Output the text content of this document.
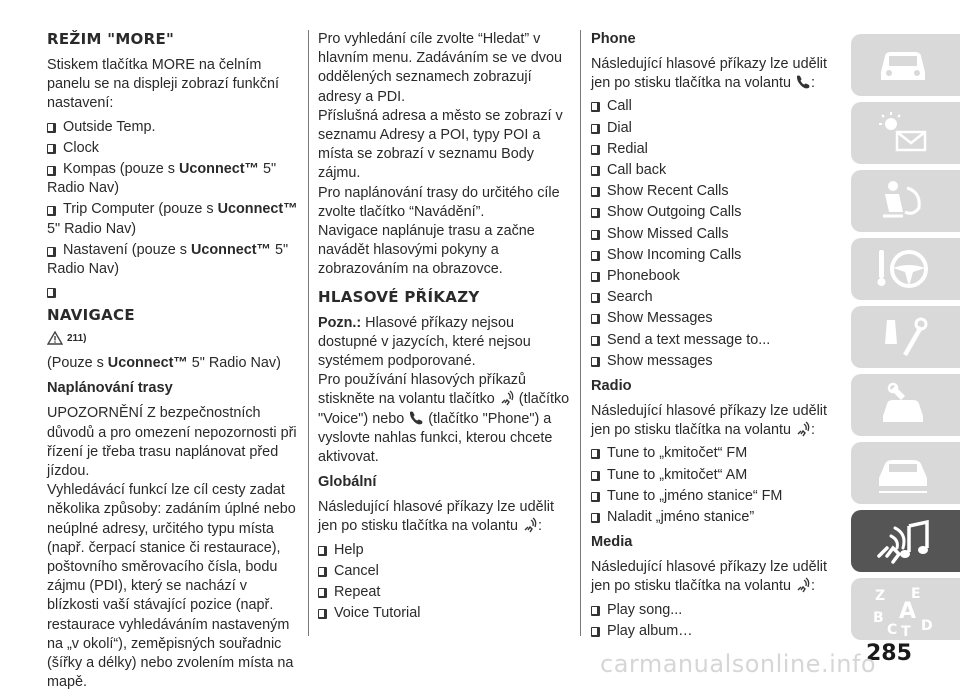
REŽIM "MORE"

Stiskem tlačítka MORE na čelním panelu se na displeji zobrazí funkční nastavení:

Outside Temp.
Clock
Kompas (pouze s Uconnect™ 5" Radio Nav)
Trip Computer (pouze s Uconnect™ 5" Radio Nav)
Nastavení (pouze s Uconnect™ 5" Radio Nav)
NAVIGACE
211)

(Pouze s Uconnect™ 5" Radio Nav)

Naplánování trasy

UPOZORNĚNÍ Z bezpečnostních důvodů a pro omezení nepozornosti při řízení je třeba trasu naplánovat před jízdou.

Vyhledávácí funkcí lze cíl cesty zadat několika způsoby: zadáním úplné nebo neúplné adresy, určitého typu místa (např. čerpací stanice či restaurace), poštovního směrovacího čísla, bodu zájmu (PDI), který se nachází v blízkosti vaší stávající pozice (např. restaurace vyhledáváním nastaveným na „v okolí“), zeměpisných souřadnic (šířky a délky) nebo zvolením místa na mapě.

Pro vyhledání cíle zvolte “Hledat” v hlavním menu. Zadáváním se ve dvou oddělených seznamech zobrazují adresy a PDI.

Příslušná adresa a město se zobrazí v seznamu Adresy a POI, typy POI a místa se zobrazí v seznamu Body zájmu.

Pro naplánování trasy do určitého cíle zvolte tlačítko “Navádění”.

Navigace naplánuje trasu a začne navádět hlasovými pokyny a zobrazováním na obrazovce.

HLASOVÉ PŘÍKAZY

Pozn.: Hlasové příkazy nejsou dostupné v jazycích, které nejsou systémem podporované.

Pro používání hlasových příkazů stiskněte na volantu tlačítko (tlačítko "Voice") nebo (tlačítko "Phone") a vyslovte nahlas funkci, kterou chcete aktivovat.

Globální

Následující hlasové příkazy lze udělit jen po stisku tlačítka na volantu :

Help
Cancel
Repeat
Voice Tutorial
Phone

Následující hlasové příkazy lze udělit jen po stisku tlačítka na volantu :

Call
Dial
Redial
Call back
Show Recent Calls
Show Outgoing Calls
Show Missed Calls
Show Incoming Calls
Phonebook
Search
Show Messages
Send a text message to...
Show messages
Radio

Následující hlasové příkazy lze udělit jen po stisku tlačítka na volantu :

Tune to „kmitočet“ FM
Tune to „kmitočet“ AM
Tune to „jméno stanice“ FM
Naladit „jméno stanice”
Media

Následující hlasové příkazy lze udělit jen po stisku tlačítka na volantu :

Play song...
Play album…
Z E
A
B
C T D
285
carmanualsonline.info
